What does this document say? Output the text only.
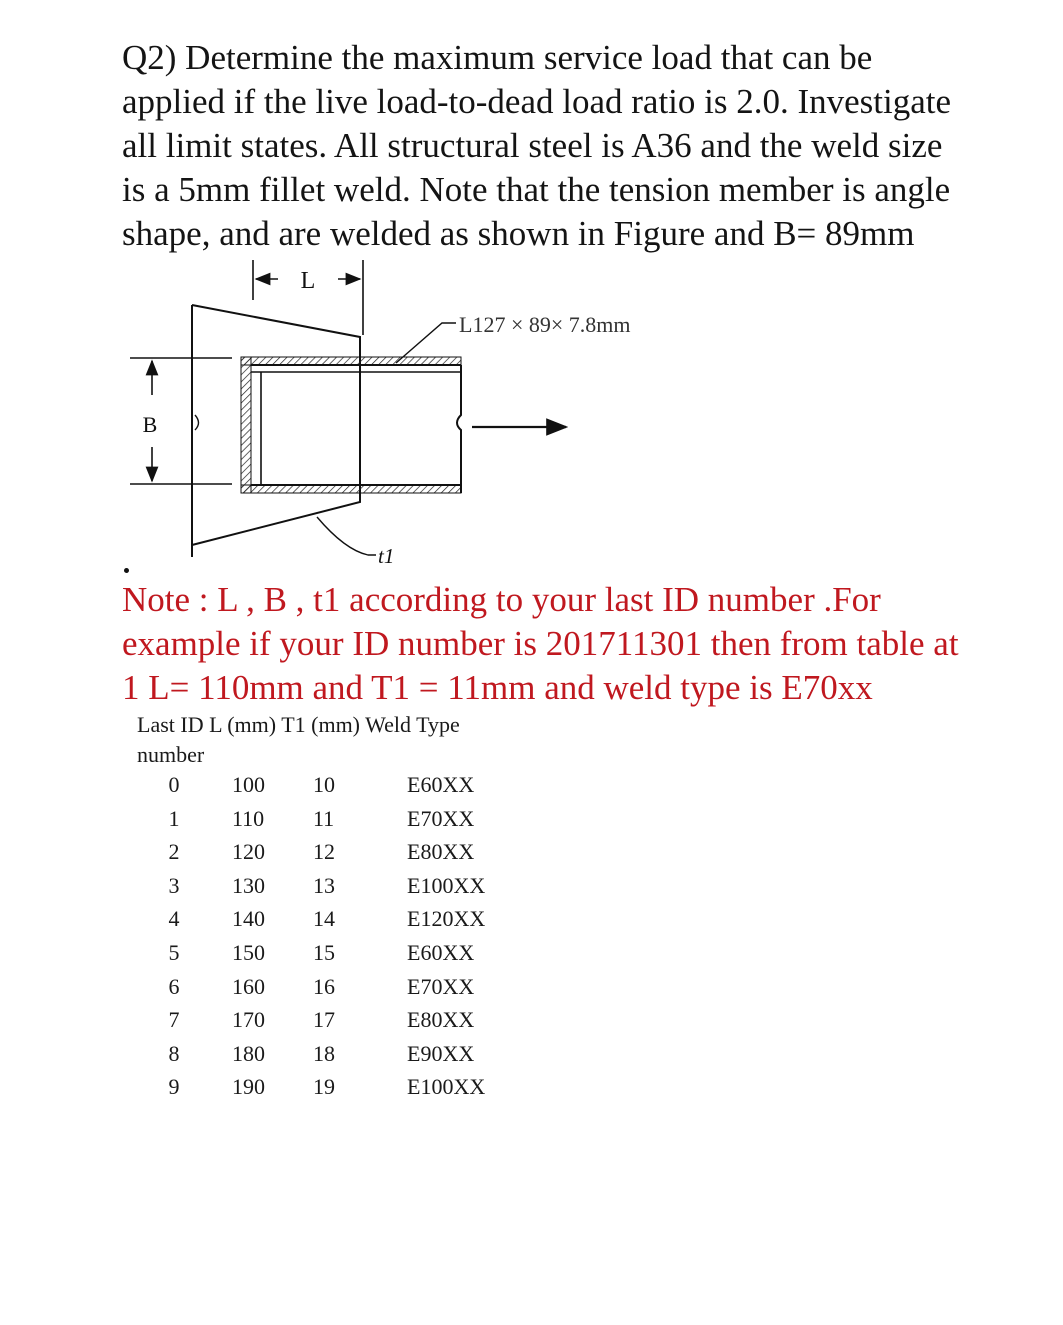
Q2) Determine the maximum service load that can be
applied if the live load-to-dead load ratio is 2.0. Investigate
all limit states. All structural steel is A36 and the weld size
is a 5mm fillet weld. Note that the tension member is angle
shape, and are welded as shown in Figure and B= 89mm
L
B
L127 × 89× 7.8mm
t1
Note : L , B , t1 according to your last ID number .For
example if your ID number is 201711301 then from table at
1 L= 110mm and T1 = 11mm and weld type is E70xx
Last ID L (mm) T1 (mm) Weld Type
number
0 100 10	E60XX
1 110 11	E70XX
2 120 12	E80XX
3 130 13	E100XX
4 140 14	E120XX
5 150 15	E60XX
6 160 16	E70XX
7 170 17	E80XX
8 180 18	E90XX
9 190 19	E100XX
